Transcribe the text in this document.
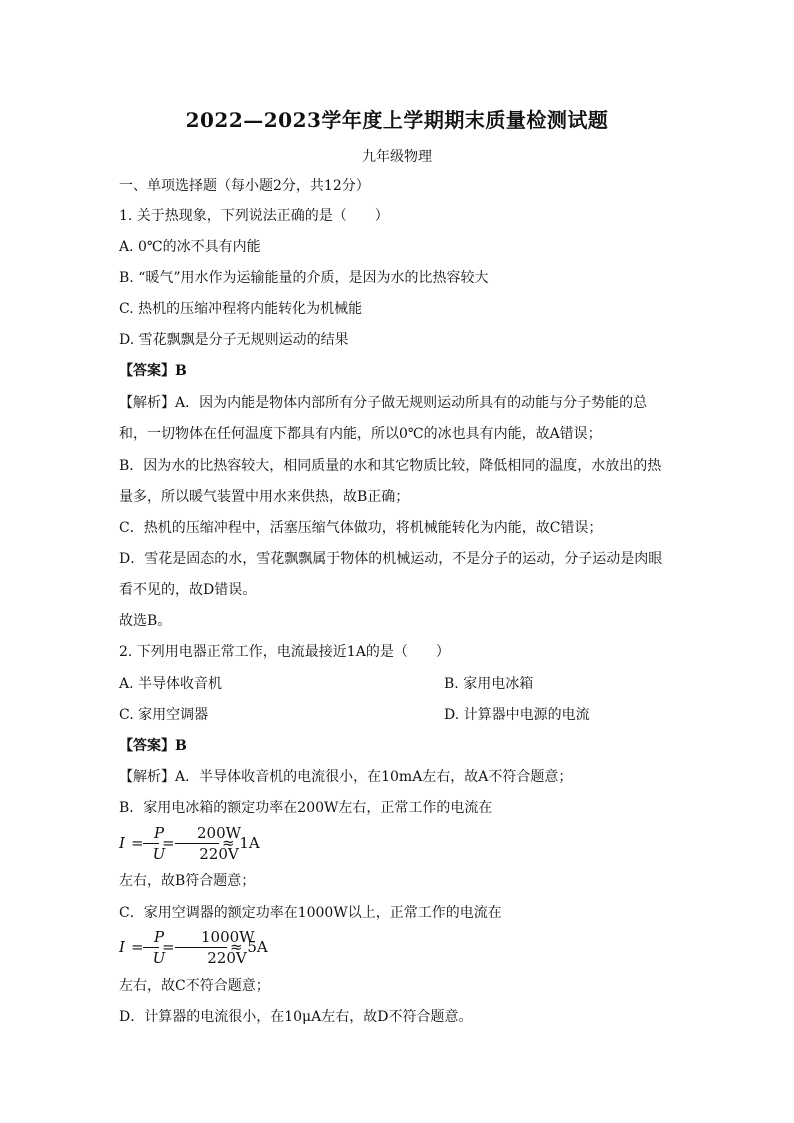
2022—2023学年度上学期期末质量检测试题
九年级物理
一、单项选择题（每小题2分，共12分）
1. 关于热现象，下列说法正确的是（　　）
A. 0℃的冰不具有内能
B. “暖气”用水作为运输能量的介质，是因为水的比热容较大
C. 热机的压缩冲程将内能转化为机械能
D. 雪花飘飘是分子无规则运动的结果
【答案】B
【解析】A．因为内能是物体内部所有分子做无规则运动所具有的动能与分子势能的总
和，一切物体在任何温度下都具有内能，所以0℃的冰也具有内能，故A错误；
B．因为水的比热容较大，相同质量的水和其它物质比较，降低相同的温度，水放出的热
量多，所以暖气装置中用水来供热，故B正确；
C．热机的压缩冲程中，活塞压缩气体做功，将机械能转化为内能，故C错误；
D．雪花是固态的水，雪花飘飘属于物体的机械运动，不是分子的运动，分子运动是肉眼
看不见的，故D错误。
故选B。
2. 下列用电器正常工作，电流最接近1A的是（　　）
A. 半导体收音机	B. 家用电冰箱
C. 家用空调器	D. 计算器中电源的电流
【答案】B
【解析】A．半导体收音机的电流很小，在10mA左右，故A不符合题意；
B．家用电冰箱的额定功率在200W左右，正常工作的电流在
I =
P
U
=
200W
220V
≈ 1A
左右，故B符合题意；
C．家用空调器的额定功率在1000W以上，正常工作的电流在
I =
P
U
=
1000W
220V
≈ 5A
左右，故C不符合题意；
D．计算器的电流很小，在10μA左右，故D不符合题意。
